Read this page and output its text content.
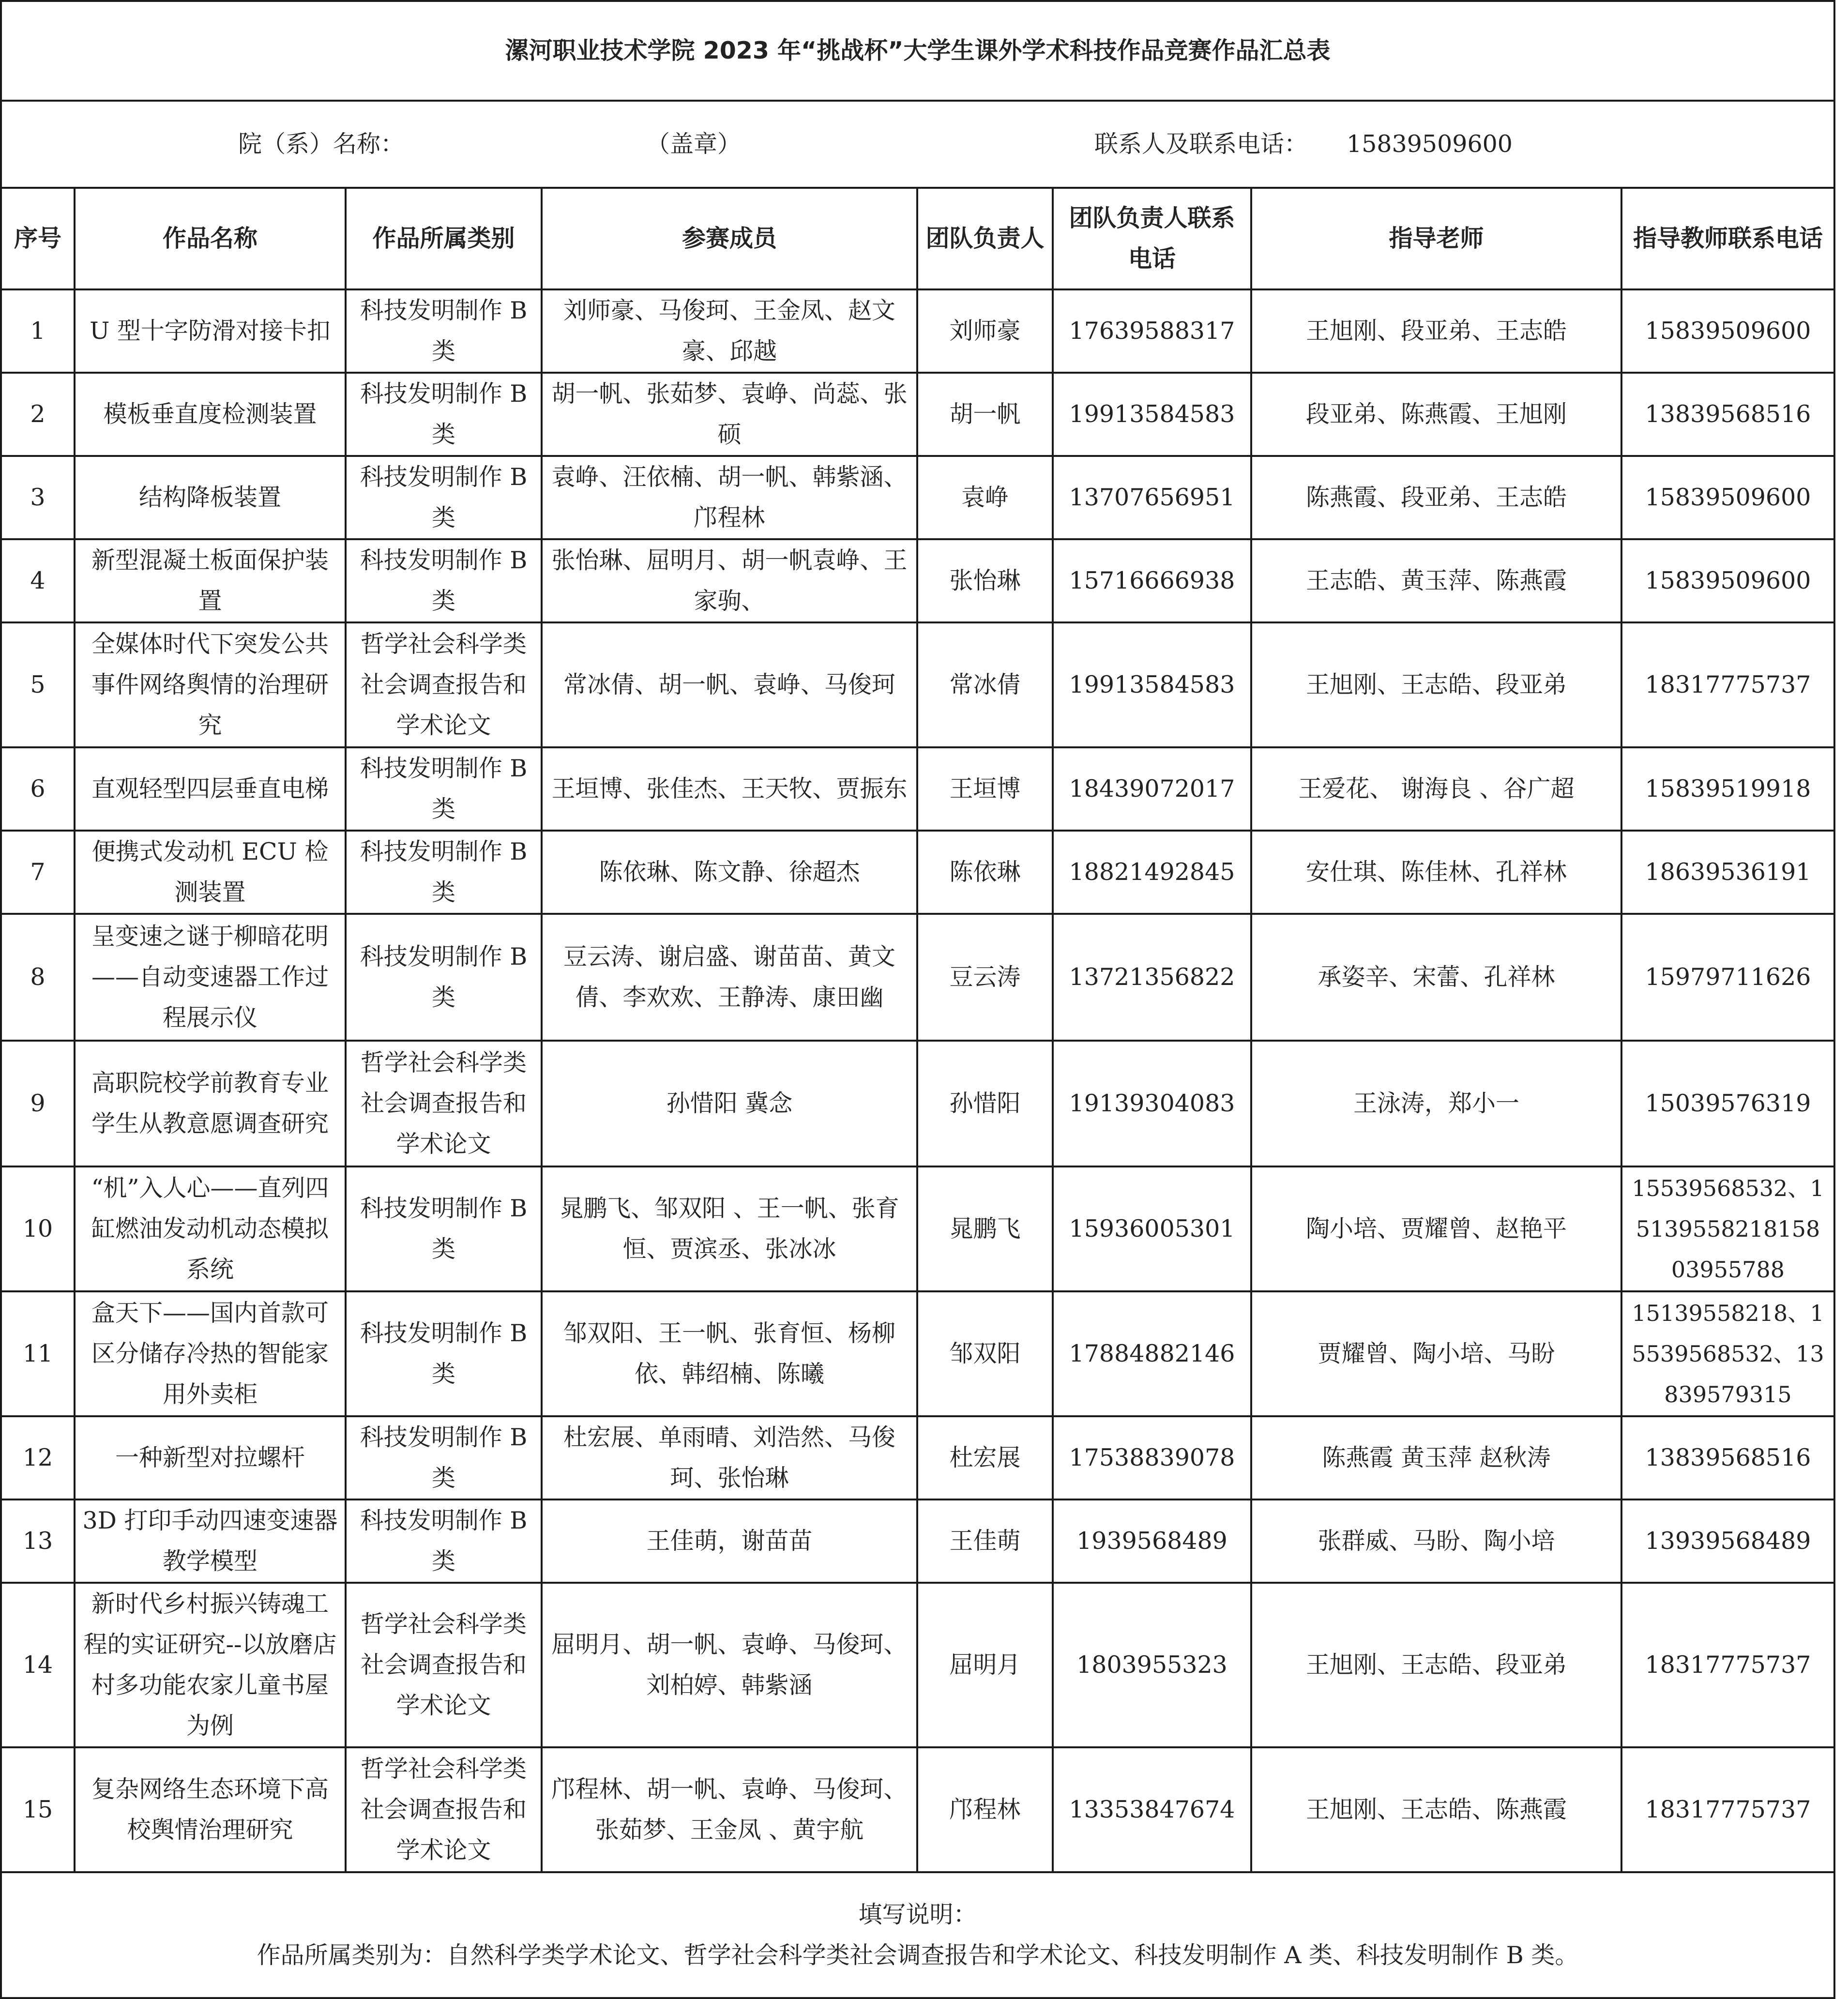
漯河职业技术学院 2023 年“挑战杯”大学生课外学术科技作品竞赛作品汇总表							

院（系）名称： （盖章） 联系人及联系电话： 15839509600							

序号	作品名称	作品所属类别	参赛成员	团队负责人	团队负责人联系电话	指导老师	指导教师联系电话
1	U 型十字防滑对接卡扣	科技发明制作 B 类	刘师豪、马俊珂、王金凤、赵文豪、邱越	刘师豪	17639588317	王旭刚、段亚弟、王志皓	15839509600
2	模板垂直度检测装置	科技发明制作 B 类	胡一帆、张茹梦、袁峥、尚蕊、张硕	胡一帆	19913584583	段亚弟、陈燕霞、王旭刚	13839568516
3	结构降板装置	科技发明制作 B 类	袁峥、汪依楠、胡一帆、韩紫涵、邝程林	袁峥	13707656951	陈燕霞、段亚弟、王志皓	15839509600
4	新型混凝土板面保护装置	科技发明制作 B 类	张怡琳、屈明月、胡一帆袁峥、王家驹、	张怡琳	15716666938	王志皓、黄玉萍、陈燕霞	15839509600
5	全媒体时代下突发公共事件网络舆情的治理研究	哲学社会科学类社会调查报告和学术论文	常冰倩、胡一帆、袁峥、马俊珂	常冰倩	19913584583	王旭刚、王志皓、段亚弟	18317775737
6	直观轻型四层垂直电梯	科技发明制作 B 类	王垣博、张佳杰、王天牧、贾振东	王垣博	18439072017	王爱花、 谢海良 、谷广超	15839519918
7	便携式发动机 ECU 检测装置	科技发明制作 B 类	陈依琳、陈文静、徐超杰	陈依琳	18821492845	安仕琪、陈佳林、孔祥林	18639536191
8	呈变速之谜于柳暗花明——自动变速器工作过程展示仪	科技发明制作 B 类	豆云涛、谢启盛、谢苗苗、黄文倩、李欢欢、王静涛、康田幽	豆云涛	13721356822	承姿辛、宋蕾、孔祥林	15979711626
9	高职院校学前教育专业学生从教意愿调查研究	哲学社会科学类社会调查报告和学术论文	孙惜阳 冀念	孙惜阳	19139304083	王泳涛，郑小一	15039576319
10	“机”入人心——直列四缸燃油发动机动态模拟系统	科技发明制作 B 类	晁鹏飞、邹双阳 、王一帆、张育恒、贾滨丞、张冰冰	晁鹏飞	15936005301	陶小培、贾耀曾、赵艳平	15539568532、1513955821815803955788
11	盒天下——国内首款可区分储存冷热的智能家用外卖柜	科技发明制作 B 类	邹双阳、王一帆、张育恒、杨柳依、韩绍楠、陈曦	邹双阳	17884882146	贾耀曾、陶小培、马盼	15139558218、15539568532、13839579315
12	一种新型对拉螺杆	科技发明制作 B 类	杜宏展、单雨晴、刘浩然、马俊珂、张怡琳	杜宏展	17538839078	陈燕霞 黄玉萍 赵秋涛	13839568516
13	3D 打印手动四速变速器教学模型	科技发明制作 B 类	王佳萌，谢苗苗	王佳萌	1939568489	张群威、马盼、陶小培	13939568489
14	新时代乡村振兴铸魂工程的实证研究--以放磨店村多功能农家儿童书屋为例	哲学社会科学类社会调查报告和学术论文	屈明月、胡一帆、袁峥、马俊珂、刘柏婷、韩紫涵	屈明月	1803955323	王旭刚、王志皓、段亚弟	18317775737
15	复杂网络生态环境下高校舆情治理研究	哲学社会科学类社会调查报告和学术论文	邝程林、胡一帆、袁峥、马俊珂、张茹梦、王金凤 、黄宇航	邝程林	13353847674	王旭刚、王志皓、陈燕霞	18317775737

填写说明：
作品所属类别为：自然科学类学术论文、哲学社会科学类社会调查报告和学术论文、科技发明制作 A 类、科技发明制作 B 类。							
